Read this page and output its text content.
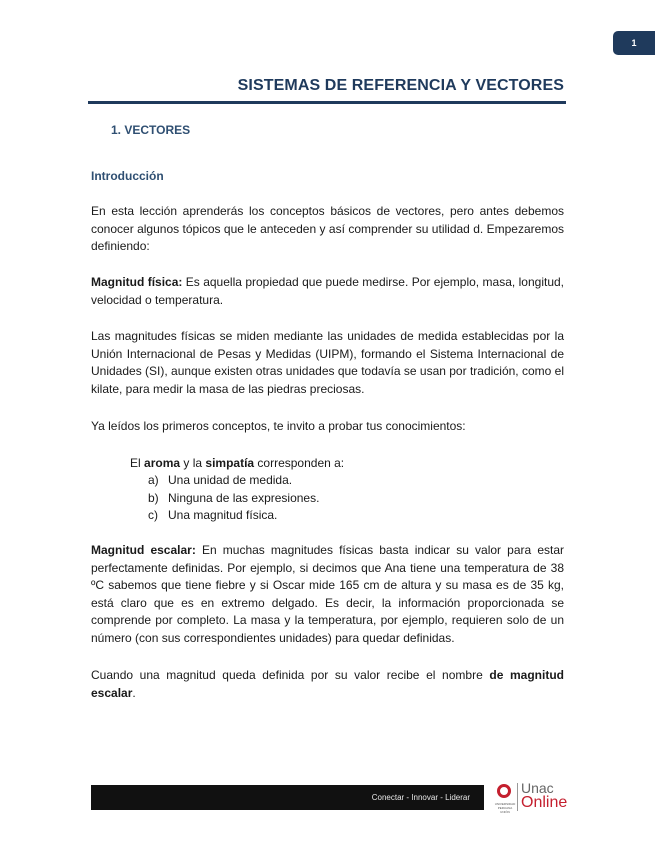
1
SISTEMAS DE REFERENCIA Y VECTORES
1. VECTORES
Introducción

En esta lección aprenderás los conceptos básicos de vectores, pero antes debemos conocer algunos tópicos que le anteceden y así comprender su utilidad d. Empezaremos definiendo:

Magnitud física: Es aquella propiedad que puede medirse. Por ejemplo, masa, longitud, velocidad o temperatura.

Las magnitudes físicas se miden mediante las unidades de medida establecidas por la Unión Internacional de Pesas y Medidas (UIPM), formando el Sistema Internacional de Unidades (SI), aunque existen otras unidades que todavía se usan por tradición, como el kilate, para medir la masa de las piedras preciosas.

Ya leídos los primeros conceptos, te invito a probar tus conocimientos:

El aroma y la simpatía corresponden a:

a) Una unidad de medida.
b) Ninguna de las expresiones.
c) Una magnitud física.

Magnitud escalar: En muchas magnitudes físicas basta indicar su valor para estar perfectamente definidas. Por ejemplo, si decimos que Ana tiene una temperatura de 38 ºC sabemos que tiene fiebre y si Oscar mide 165 cm de altura y su masa es de 35 kg, está claro que es en extremo delgado. Es decir, la información proporcionada se comprende por completo. La masa y la temperatura, por ejemplo, requieren solo de un número (con sus correspondientes unidades) para quedar definidas.

Cuando una magnitud queda definida por su valor recibe el nombre de magnitud escalar.

Conectar - Innovar - Liderar
UNIVERSIDAD PERUANA UNIÓN
Unac
Online
